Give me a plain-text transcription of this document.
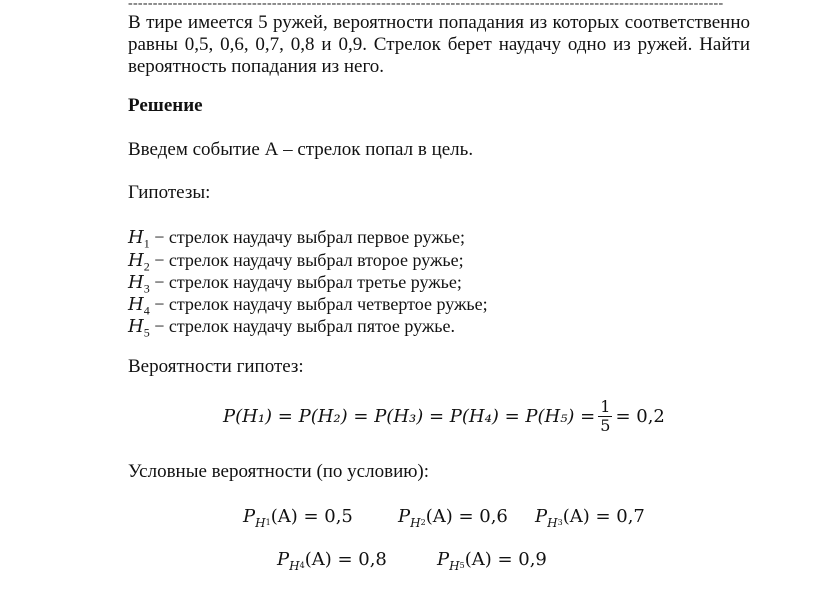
------------------------------------------------------------------------------------------------------------------------
В тире имеется 5 ружей, вероятности попадания из которых соответственно
равны 0,5, 0,6, 0,7, 0,8 и 0,9. Стрелок берет наудачу одно из ружей. Найти
вероятность попадания из него.
Решение
Введем событие А – стрелок попал в цель.
Гипотезы:
$H_1$ − стрелок наудачу выбрал первое ружье;
$H_2$ − стрелок наудачу выбрал второе ружье;
$H_3$ − стрелок наудачу выбрал третье ружье;
$H_4$ − стрелок наудачу выбрал четвертое ружье;
$H_5$ − стрелок наудачу выбрал пятое ружье.
Вероятности гипотез:
$P(H_1) = P(H_2) = P(H_3) = P(H_4) = P(H_5) = \frac{1}{5} = 0,2$
Условные вероятности (по условию):
$P_H1(A) = 0,5$	$P_H2(A) = 0,6$ $P_H3(A) = 0,7$
$P_H4(A) = 0,8$	$P_H5(A) = 0,9$
